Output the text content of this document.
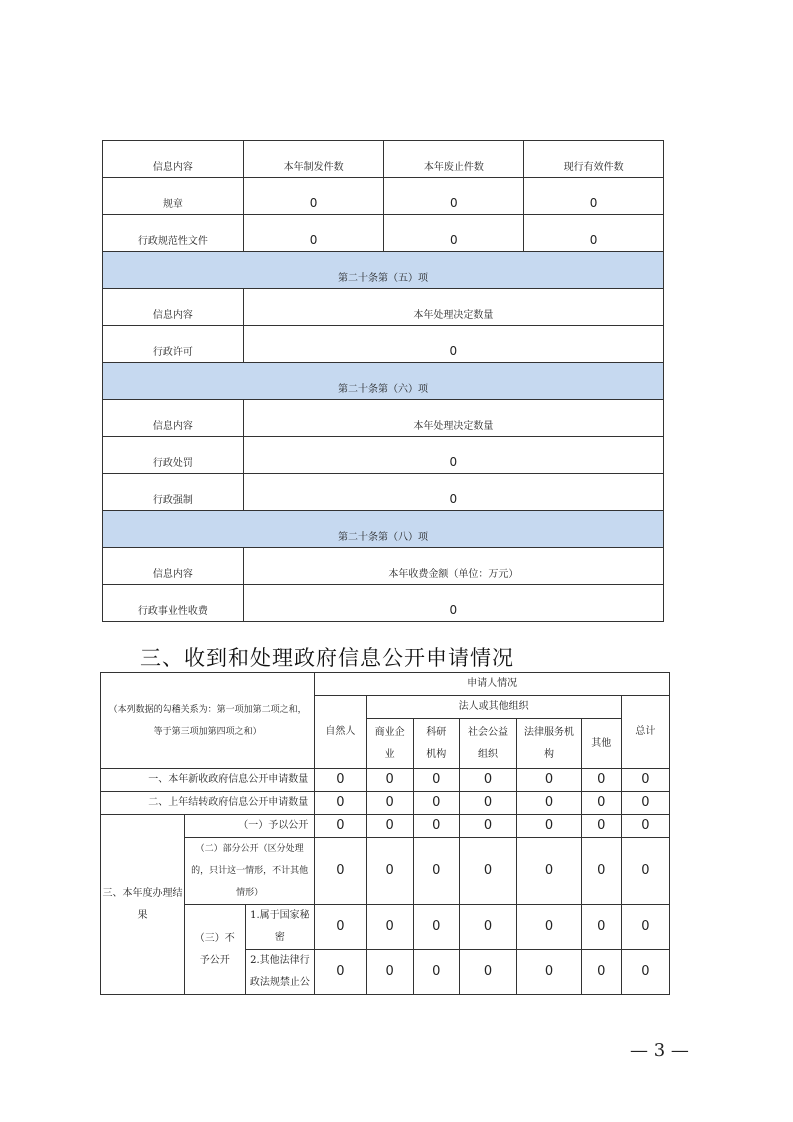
信息内容	本年制发件数	本年废止件数	现行有效件数
规章	0	0	0
行政规范性文件	0	0	0
第二十条第（五）项			
信息内容	本年处理决定数量		
行政许可	0		
第二十条第（六）项			
信息内容	本年处理决定数量		
行政处罚	0		
行政强制	0		
第二十条第（八）项			
信息内容	本年收费金额（单位：万元）		
行政事业性收费	0		
三、收到和处理政府信息公开申请情况
（本列数据的勾稽关系为：第一项加第二项之和，等于第三项加第四项之和）			申请人情况						
			自然人	法人或其他组织					总计
				商业企业	科研机构	社会公益组织	法律服务机构	其他	
一、本年新收政府信息公开申请数量			0	0	0	0	0	0	0
二、上年结转政府信息公开申请数量			0	0	0	0	0	0	0
三、本年度办理结果	（一）予以公开		0	0	0	0	0	0	0
	（二）部分公开（区分处理的，只计这一情形，不计其他情形）		0	0	0	0	0	0	0
	（三）不予公开	1.属于国家秘密	0	0	0	0	0	0	0
		2.其他法律行政法规禁止公	0	0	0	0	0	0	0
— 3 —
